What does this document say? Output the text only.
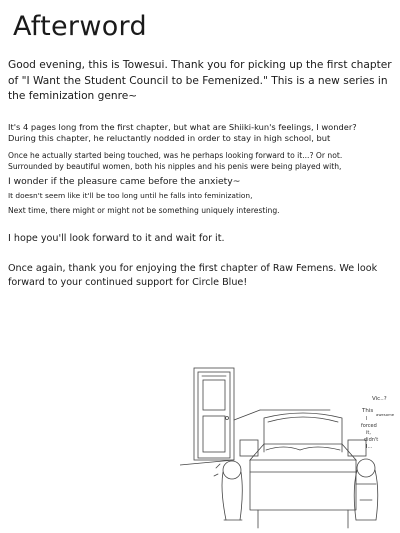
Afterword

Good evening, this is Towesui. Thank you for picking up the first chapter of "I Want the Student Council to be Femenized." This is a new series in the feminization genre~

It's 4 pages long from the first chapter, but what are Shiiki-kun's feelings, I wonder?
During this chapter, he reluctantly nodded in order to stay in high school, but

Once he actually started being touched, was he perhaps looking forward to it...? Or not.
Surrounded by beautiful women, both his nipples and his penis were being played with,

I wonder if the pleasure came before the anxiety~

It doesn't seem like it'll be too long until he falls into feminization,

Next time, there might or might not be something uniquely interesting.

I hope you'll look forward to it and wait for it.

Once again, thank you for enjoying the first chapter of Raw Femens. We look forward to your continued support for Circle Blue!

Vic..?
This
awesome
I
forced
it,
didn't
I...
